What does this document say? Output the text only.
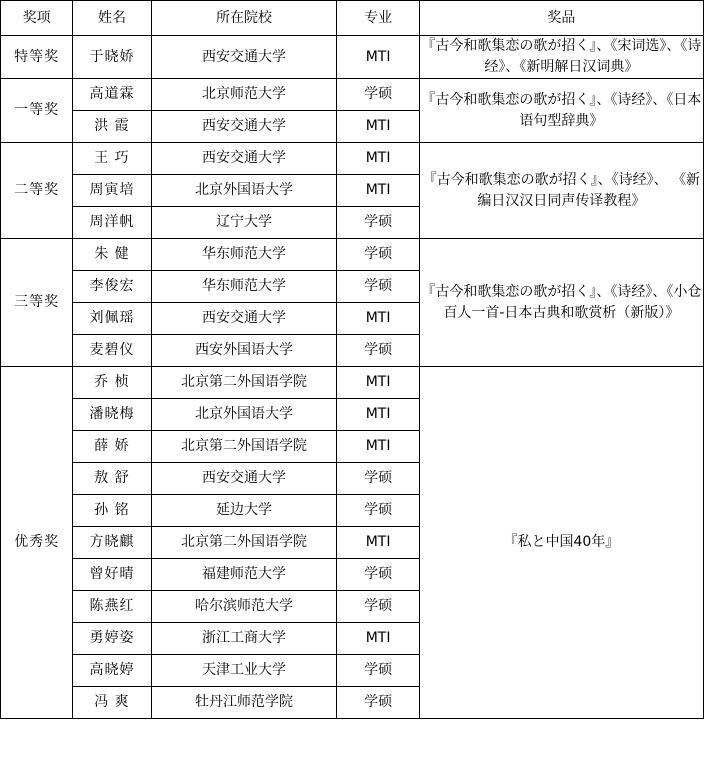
奖项	姓名	所在院校	专业	奖品
特等奖	于晓娇	西安交通大学	MTI	『古今和歌集恋の歌が招く』、《宋词选》、《诗经》、《新明解日汉词典》
一等奖	高道霖	北京师范大学	学硕	『古今和歌集恋の歌が招く』、《诗经》、《日本语句型辞典》
	洪 霞	西安交通大学	MTI	
二等奖	王 巧	西安交通大学	MTI	『古今和歌集恋の歌が招く』、《诗经》、 《新编日汉汉日同声传译教程》
	周寅培	北京外国语大学	MTI	
	周洋帆	辽宁大学	学硕	
三等奖	朱 健	华东师范大学	学硕	『古今和歌集恋の歌が招く』、《诗经》、《小仓百人一首-日本古典和歌赏析（新版）》
	李俊宏	华东师范大学	学硕	
	刘佩瑶	西安交通大学	MTI	
	麦碧仪	西安外国语大学	学硕	
优秀奖	乔 桢	北京第二外国语学院	MTI	『私と中国40年』
	潘晓梅	北京外国语大学	MTI	
	薛 娇	北京第二外国语学院	MTI	
	敖 舒	西安交通大学	学硕	
	孙 铭	延边大学	学硕	
	方晓麒	北京第二外国语学院	MTI	
	曾好晴	福建师范大学	学硕	
	陈燕红	哈尔滨师范大学	学硕	
	勇婷姿	浙江工商大学	MTI	
	高晓婷	天津工业大学	学硕	
	冯 爽	牡丹江师范学院	学硕	
